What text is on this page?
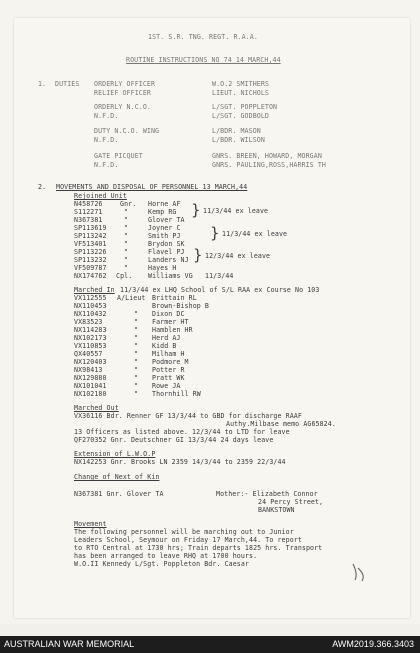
1ST. S.R. TNG. REGT. R.A.A.
ROUTINE INSTRUCTIONS NO 74 14 MARCH,44
1. DUTIES ORDERLY OFFICER	W.O.2 SMITHERS
RELIEF OFFICER	LIEUT. NICHOLS
ORDERLY N.C.O.	L/SGT. POPPLETON
N.F.D.	L/SGT. GODBOLD
DUTY N.C.O. WING	L/BDR. MASON
N.F.D.	L/BDR. WILSON
GATE PICQUET	GNRS. BREEN, HOWARD, MORGAN
N.F.D.	GNRS. PAULING,ROSS,HARRIS TH
2. MOVEMENTS AND DISPOSAL OF PERSONNEL 13 MARCH,44
Rejoined Unit
N458726	Gnr. Horne AF
S112271	"	Kemp RG
N367381	"	Glover TA
SP113619	"	Joyner C
SP113242	"	Smith PJ
VF513401	"	Brydon SK
SP113226	"	Flavel PJ
SP113232	"	Landers NJ
VF509787	"	Hayes H
NX174762 Cpl. Williams VG
} 11/3/44 ex leave
} 11/3/44 ex leave
} 12/3/44 ex leave
11/3/44
Marched In 11/3/44 ex LHQ School of S/L RAA ex Course No 103
VX112555 A/Lieut Brittain RL
NX110453	Brown-Bishop B
NX110432	" Dixon DC
VX83523	" Farmer HT
NX114283	" Hamblen HR
NX102173	" Herd AJ
VX110853	" Kidd B
QX40557	" Milham H
NX120403	" Podmore M
NX98413	" Potter R
NX129880	" Pratt WK
NX101041	" Rowe JA
NX102180	" Thornhill RW
Marched Out
VX36116 Bdr. Renner GF 13/3/44 to GBD for discharge RAAF
Authy.Milbase memo AG65824.
13 Officers as listed above. 12/3/44 to LTD for leave
QF270352 Gnr. Deutschner GI 13/3/44 24 days leave
Extension of L.W.O.P
NX142253 Gnr. Brooks LN 2359 14/3/44 to 2359 22/3/44
Change of Next of Kin
N367381 Gnr. Glover TA	Mother:- Elizabeth Connor
24 Percy Street,
BANKSTOWN
Movement
The following personnel will be marching out to Junior
Leaders School, Seymour on Friday 17 March,44. To report
to RTO Central at 1730 hrs; Train departs 1825 hrs. Transport
has been arranged to leave RHQ at 1700 hours.
W.O.II Kennedy L/Sgt. Poppleton Bdr. Caesar
AUSTRALIAN WAR MEMORIAL	AWM2019.366.3403
